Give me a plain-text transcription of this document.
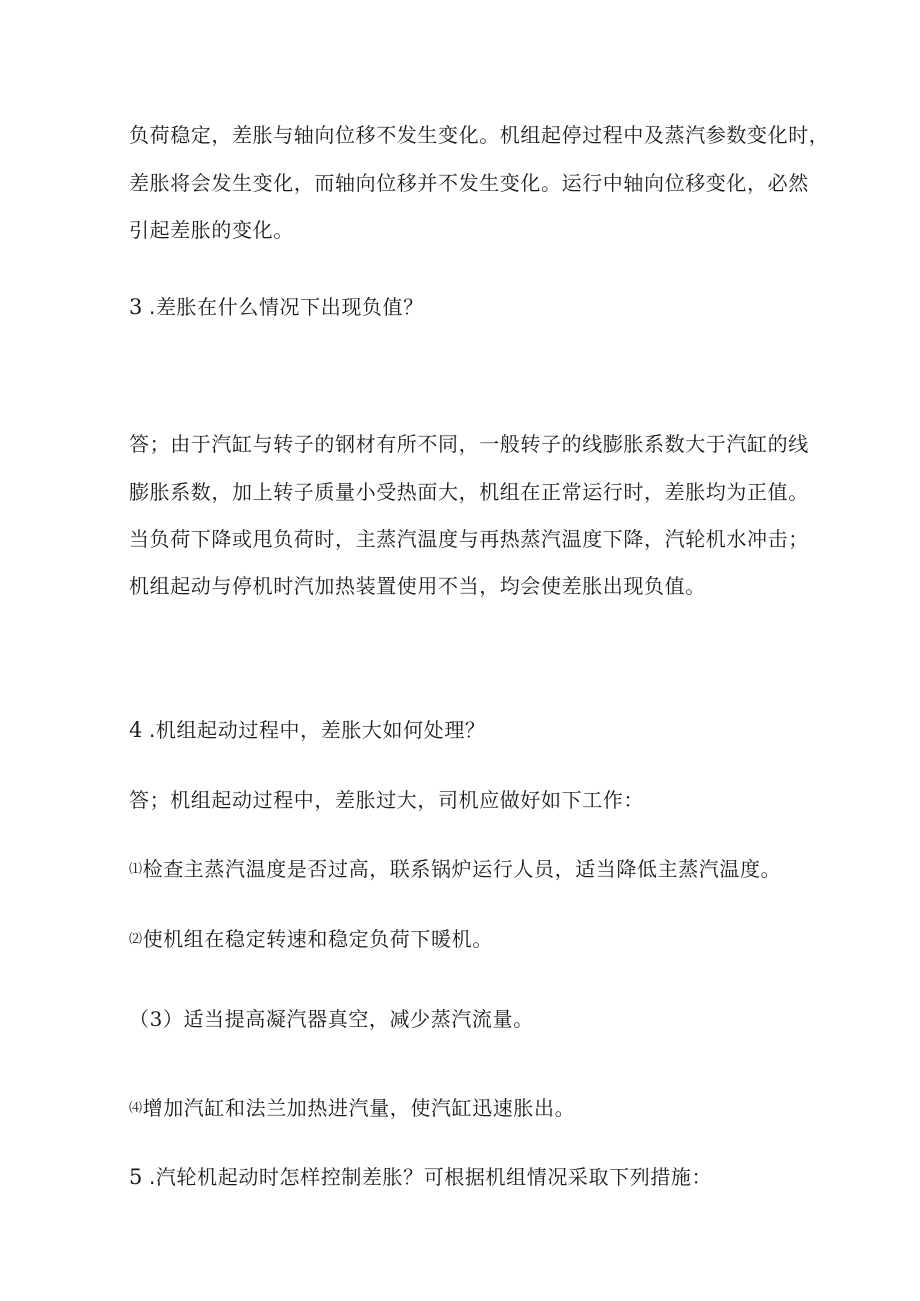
负荷稳定，差胀与轴向位移不发生变化。机组起停过程中及蒸汽参数变化时，
差胀将会发生变化，而轴向位移并不发生变化。运行中轴向位移变化，必然
引起差胀的变化。
3 .差胀在什么情况下出现负值？
答；由于汽缸与转子的钢材有所不同，一般转子的线膨胀系数大于汽缸的线
膨胀系数，加上转子质量小受热面大，机组在正常运行时，差胀均为正值。
当负荷下降或甩负荷时，主蒸汽温度与再热蒸汽温度下降，汽轮机水冲击；
机组起动与停机时汽加热装置使用不当，均会使差胀出现负值。
4 .机组起动过程中，差胀大如何处理？
答；机组起动过程中，差胀过大，司机应做好如下工作：
⑴检查主蒸汽温度是否过高，联系锅炉运行人员，适当降低主蒸汽温度。
⑵使机组在稳定转速和稳定负荷下暖机。
（3）适当提高凝汽器真空，减少蒸汽流量。
⑷增加汽缸和法兰加热进汽量，使汽缸迅速胀出。
5 .汽轮机起动时怎样控制差胀？可根据机组情况采取下列措施：
